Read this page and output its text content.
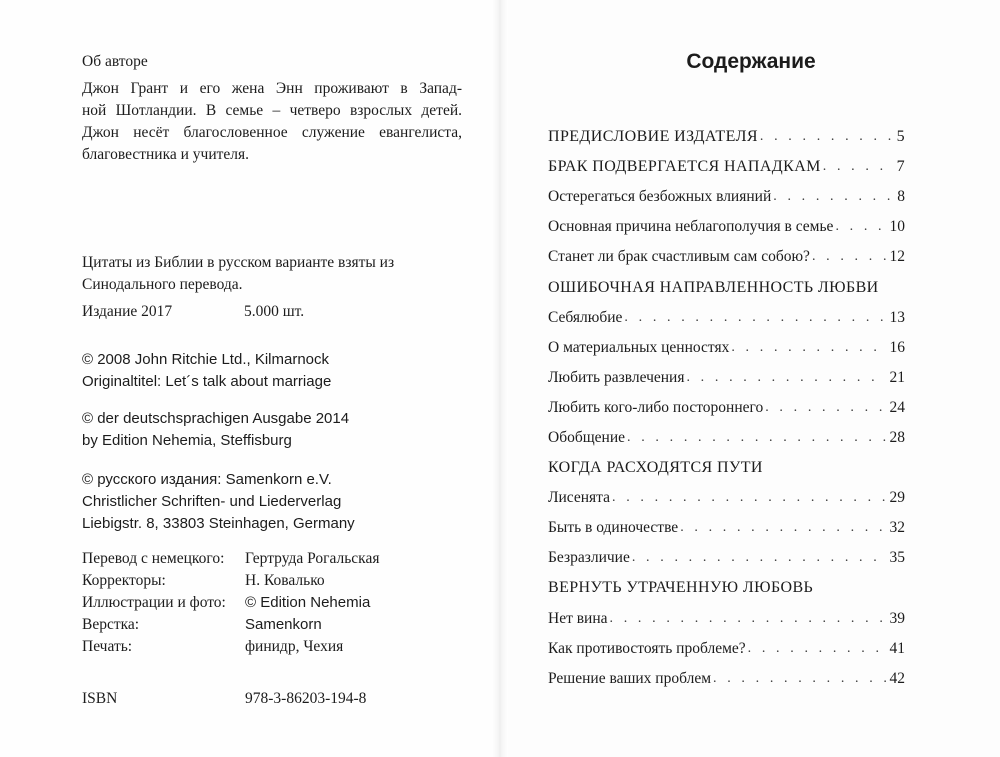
Об авторе
Джон Грант и его жена Энн проживают в Запад-
ной Шотландии. В семье – четверо взрослых детей.
Джон несёт благословенное служение евангелиста,
благовестника и учителя.
Цитаты из Библии в русском варианте взяты из
Синодального перевода.
Издание 2017	5.000 шт.
© 2008 John Ritchie Ltd., Kilmarnock
Originaltitel: Let´s talk about marriage
© der deutschsprachigen Ausgabe 2014
by Edition Nehemia, Steffisburg
© русского издания: Samenkorn e.V.
Christlicher Schriften- und Liederverlag
Liebigstr. 8, 33803 Steinhagen, Germany
Перевод с немецкого: Гертруда Рогальская
Корректоры:	Н. Ковалько
Иллюстрации и фото: © Edition Nehemia
Верстка:	Samenkorn
Печать:	финидр, Чехия
ISBN	978-3-86203-194-8
Содержание
ПРЕДИСЛОВИЕ ИЗДАТЕЛЯ . . .	5
БРАК ПОДВЕРГАЕТСЯ НАПАДКАМ . . .	7
Остерегаться безбожных влияний . . .	8
Основная причина неблагополучия в семье . . .	10
Станет ли брак счастливым сам собою? . . .	12
ОШИБОЧНАЯ НАПРАВЛЕННОСТЬ ЛЮБВИ
Себялюбие . . .	13
О материальных ценностях . . .	16
Любить развлечения . . .	21
Любить кого-либо постороннего . . .	24
Обобщение . . .	28
КОГДА РАСХОДЯТСЯ ПУТИ
Лисенята . . .	29
Быть в одиночестве . . .	32
Безразличие . . .	35
ВЕРНУТЬ УТРАЧЕННУЮ ЛЮБОВЬ
Нет вина . . .	39
Как противостоять проблеме? . . .	41
Решение ваших проблем . . .	42
